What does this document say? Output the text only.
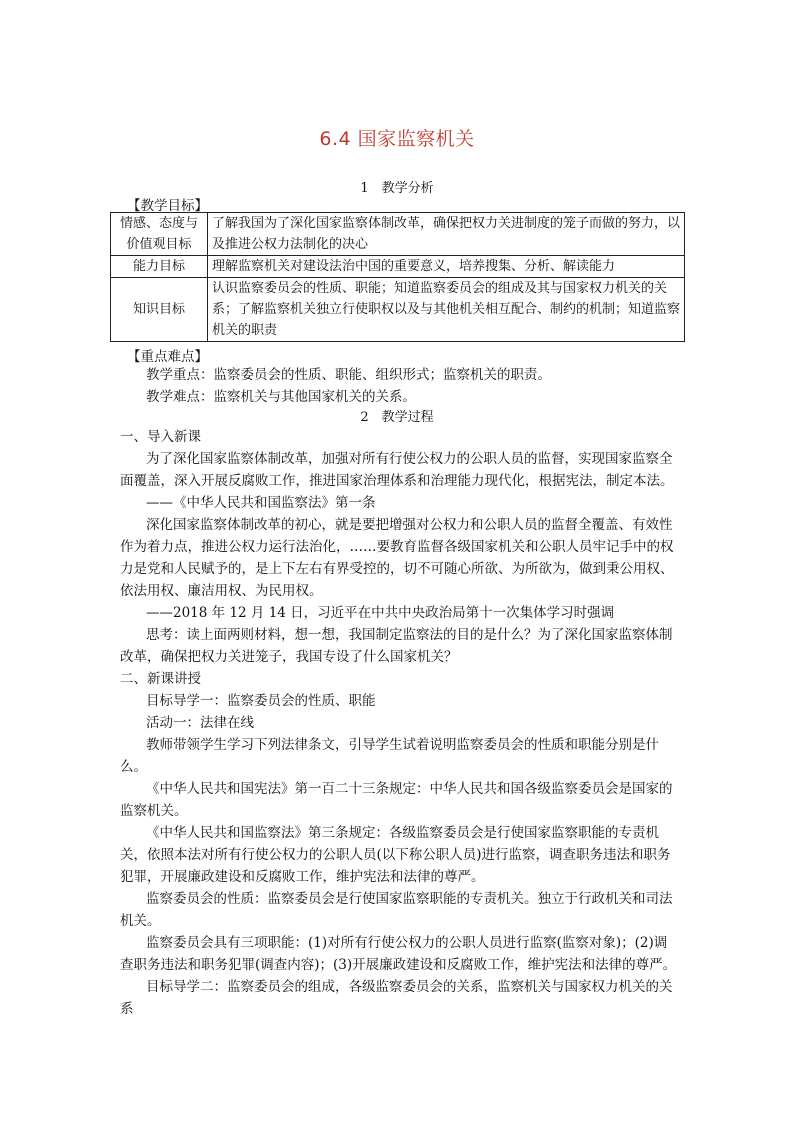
6.4 国家监察机关
1　教学分析
【教学目标】
情感、态度与
价值观目标	了解我国为了深化国家监察体制改革，确保把权力关进制度的笼子而做的努力，以及推进公权力法制化的决心
能力目标	理解监察机关对建设法治中国的重要意义，培养搜集、分析、解读能力
知识目标	认识监察委员会的性质、职能；知道监察委员会的组成及其与国家权力机关的关系；了解监察机关独立行使职权以及与其他机关相互配合、制约的机制；知道监察机关的职责
【重点难点】

教学重点：监察委员会的性质、职能、组织形式；监察机关的职责。

教学难点：监察机关与其他国家机关的关系。

2　教学过程

一、导入新课

为了深化国家监察体制改革，加强对所有行使公权力的公职人员的监督，实现国家监察全面覆盖，深入开展反腐败工作，推进国家治理体系和治理能力现代化，根据宪法，制定本法。

——《中华人民共和国监察法》第一条

深化国家监察体制改革的初心，就是要把增强对公权力和公职人员的监督全覆盖、有效性作为着力点，推进公权力运行法治化，……要教育监督各级国家机关和公职人员牢记手中的权力是党和人民赋予的，是上下左右有界受控的，切不可随心所欲、为所欲为，做到秉公用权、依法用权、廉洁用权、为民用权。

——2018 年 12 月 14 日，习近平在中共中央政治局第十一次集体学习时强调

思考：读上面两则材料，想一想，我国制定监察法的目的是什么？为了深化国家监察体制改革，确保把权力关进笼子，我国专设了什么国家机关？

二、新课讲授

目标导学一：监察委员会的性质、职能

活动一：法律在线

教师带领学生学习下列法律条文，引导学生试着说明监察委员会的性质和职能分别是什么。

《中华人民共和国宪法》第一百二十三条规定：中华人民共和国各级监察委员会是国家的监察机关。

《中华人民共和国监察法》第三条规定：各级监察委员会是行使国家监察职能的专责机关，依照本法对所有行使公权力的公职人员(以下称公职人员)进行监察，调查职务违法和职务犯罪，开展廉政建设和反腐败工作，维护宪法和法律的尊严。

监察委员会的性质：监察委员会是行使国家监察职能的专责机关。独立于行政机关和司法机关。

监察委员会具有三项职能：(1)对所有行使公权力的公职人员进行监察(监察对象)；(2)调查职务违法和职务犯罪(调查内容)；(3)开展廉政建设和反腐败工作，维护宪法和法律的尊严。

目标导学二：监察委员会的组成，各级监察委员会的关系，监察机关与国家权力机关的关系
